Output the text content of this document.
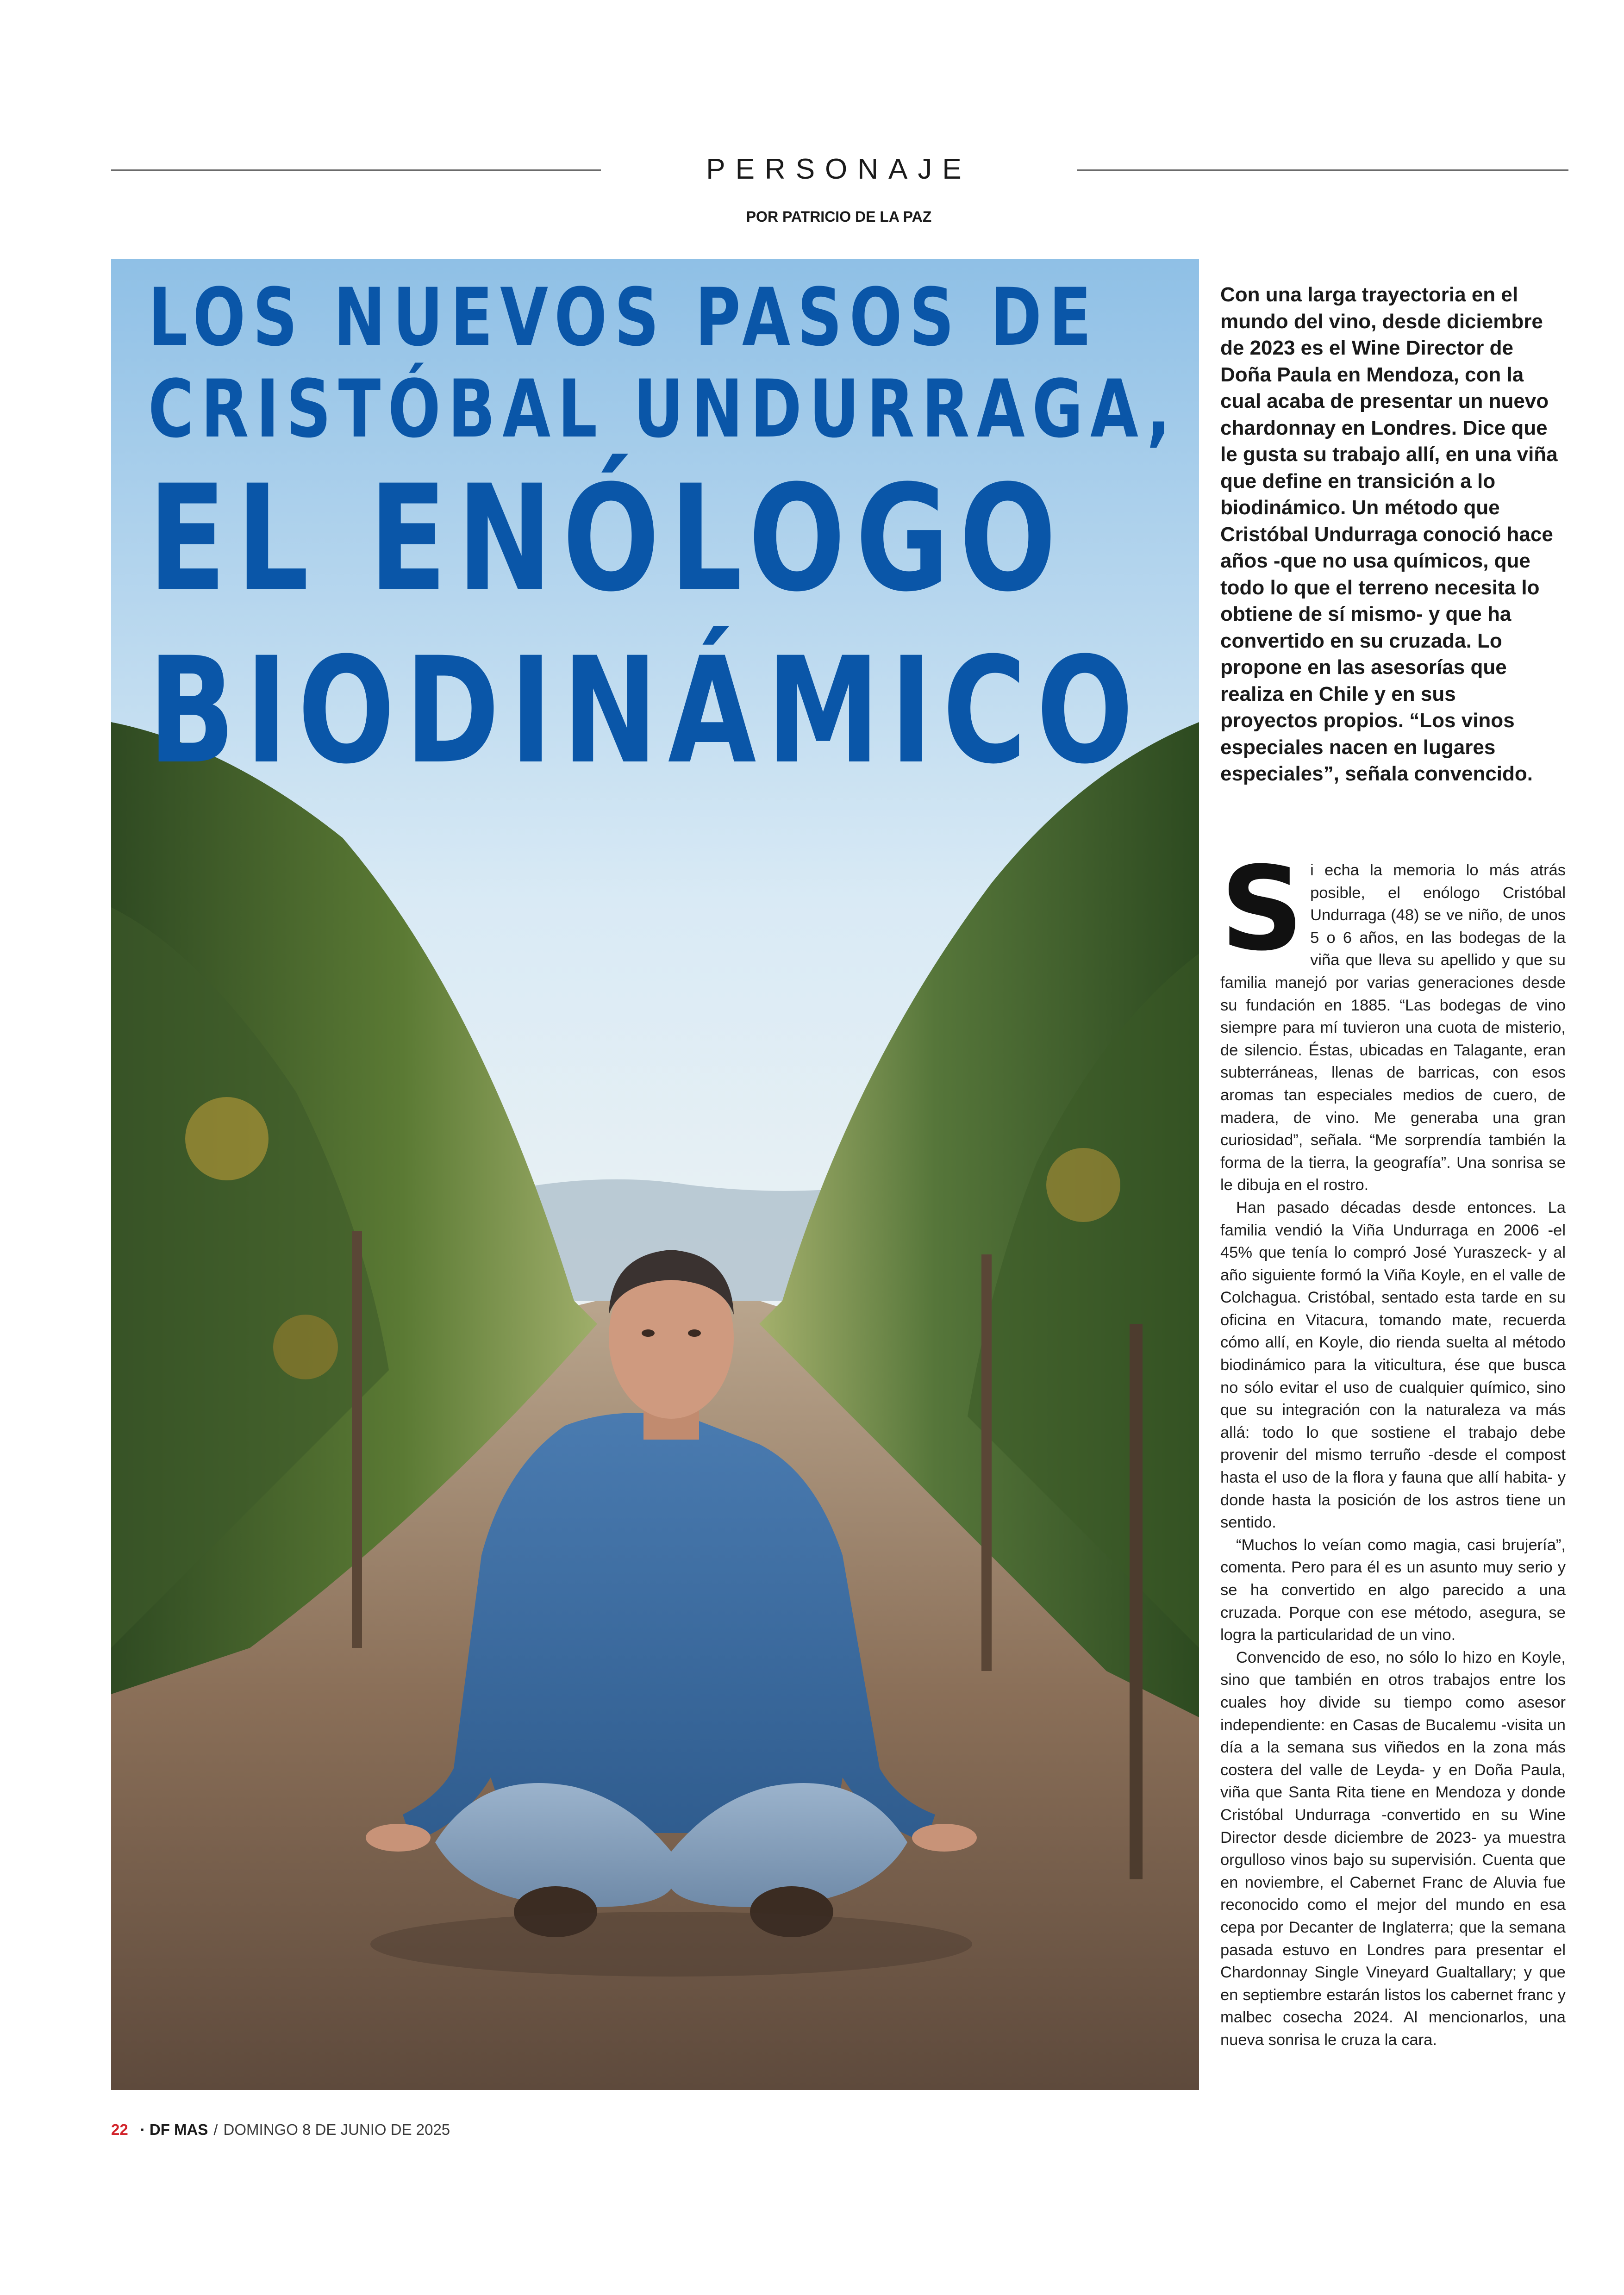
PERSONAJE
POR PATRICIO DE LA PAZ
LOS NUEVOS PASOS DE
CRISTÓBAL UNDURRAGA,
EL ENÓLOGO
BIODINÁMICO
Con una larga trayectoria en el mundo del vino, desde diciembre de 2023 es el Wine Director de Doña Paula en Mendoza, con la cual acaba de presentar un nuevo chardonnay en Londres. Dice que le gusta su trabajo allí, en una viña que define en transición a lo biodinámico. Un método que Cristóbal Undurraga conoció hace años -que no usa químicos, que todo lo que el terreno necesita lo obtiene de sí mismo- y que ha convertido en su cruzada. Lo propone en las asesorías que realiza en Chile y en sus proyectos propios. “Los vinos especiales nacen en lugares especiales”, señala convencido.

Si echa la memoria lo más atrás posible, el enólogo Cristóbal Undurraga (48) se ve niño, de unos 5 o 6 años, en las bodegas de la viña que lleva su apellido y que su familia manejó por varias generaciones desde su fundación en 1885. “Las bodegas de vino siempre para mí tuvieron una cuota de misterio, de silencio. Éstas, ubicadas en Talagante, eran subterráneas, llenas de barricas, con esos aromas tan especiales medios de cuero, de madera, de vino. Me generaba una gran curiosidad”, señala. “Me sorprendía también la forma de la tierra, la geografía”. Una sonrisa se le dibuja en el rostro.

Han pasado décadas desde entonces. La familia vendió la Viña Undurraga en 2006 -el 45% que tenía lo compró José Yuraszeck- y al año siguiente formó la Viña Koyle, en el valle de Colchagua. Cristóbal, sentado esta tarde en su oficina en Vitacura, tomando mate, recuerda cómo allí, en Koyle, dio rienda suelta al método biodinámico para la viticultura, ése que busca no sólo evitar el uso de cualquier químico, sino que su integración con la naturaleza va más allá: todo lo que sostiene el trabajo debe provenir del mismo terruño -desde el compost hasta el uso de la flora y fauna que allí habita- y donde hasta la posición de los astros tiene un sentido.

“Muchos lo veían como magia, casi brujería”, comenta. Pero para él es un asunto muy serio y se ha convertido en algo parecido a una cruzada. Porque con ese método, asegura, se logra la particularidad de un vino.

Convencido de eso, no sólo lo hizo en Koyle, sino que también en otros trabajos entre los cuales hoy divide su tiempo como asesor independiente: en Casas de Bucalemu -visita un día a la semana sus viñedos en la zona más costera del valle de Leyda- y en Doña Paula, viña que Santa Rita tiene en Mendoza y donde Cristóbal Undurraga -convertido en su Wine Director desde diciembre de 2023- ya muestra orgulloso vinos bajo su supervisión. Cuenta que en noviembre, el Cabernet Franc de Aluvia fue reconocido como el mejor del mundo en esa cepa por Decanter de Inglaterra; que la semana pasada estuvo en Londres para presentar el Chardonnay Single Vineyard Gualtallary; y que en septiembre estarán listos los cabernet franc y malbec cosecha 2024. Al mencionarlos, una nueva sonrisa le cruza la cara.

22 · DF MAS / DOMINGO 8 DE JUNIO DE 2025
